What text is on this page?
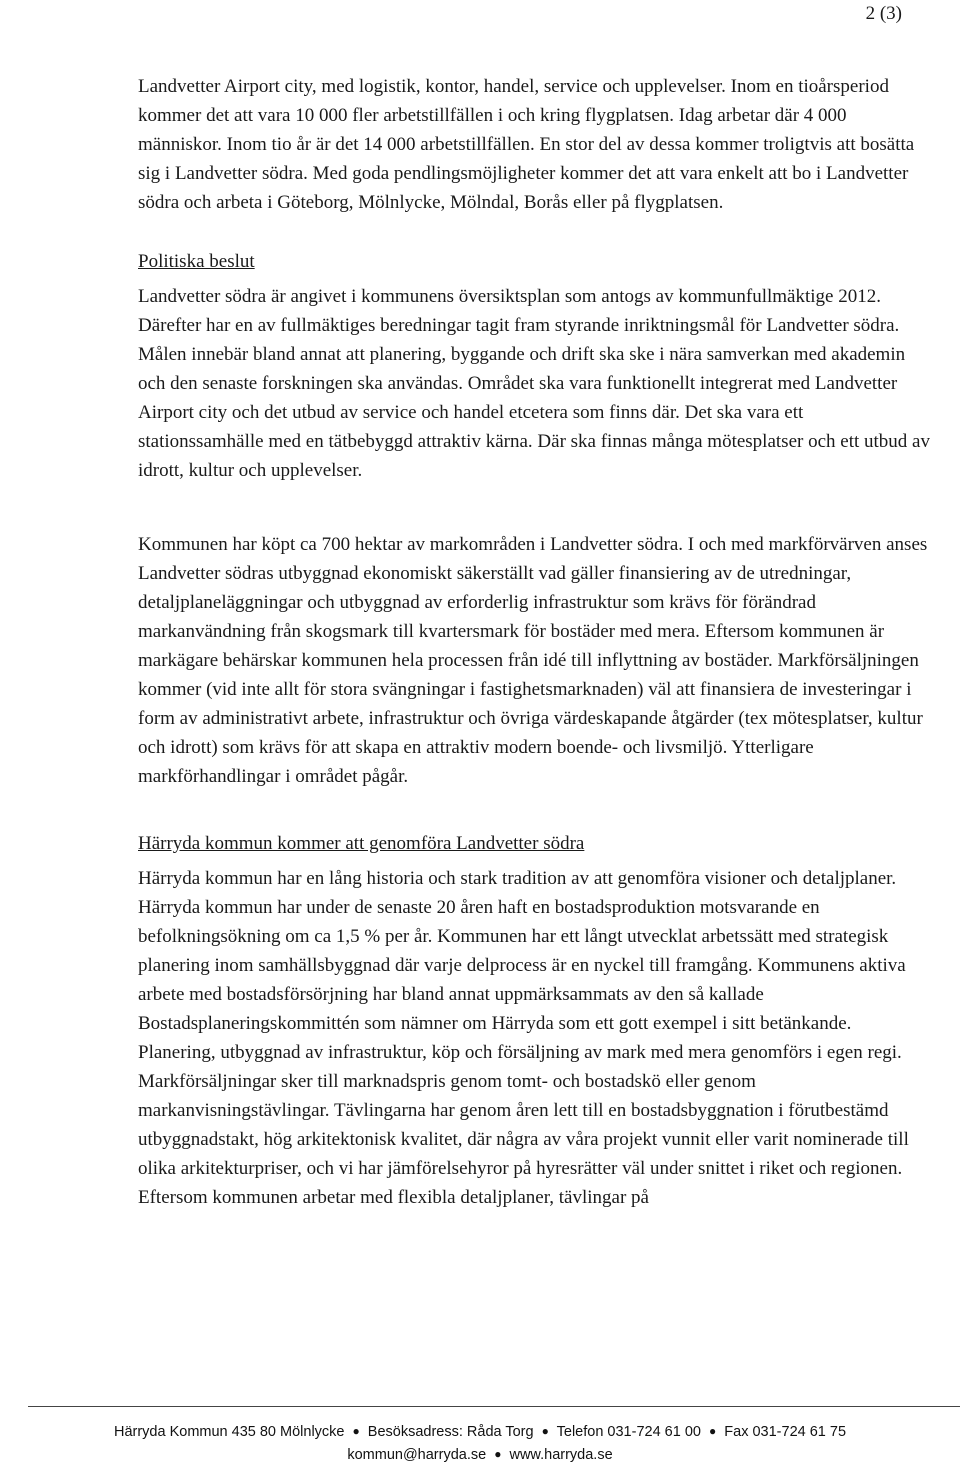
2 (3)

Landvetter Airport city, med logistik, kontor, handel, service och upplevelser. Inom en tioårsperiod kommer det att vara 10 000 fler arbetstillfällen i och kring flygplatsen. Idag arbetar där 4 000 människor. Inom tio år är det 14 000 arbetstillfällen. En stor del av dessa kommer troligtvis att bosätta sig i Landvetter södra. Med goda pendlingsmöjligheter kommer det att vara enkelt att bo i Landvetter södra och arbeta i Göteborg, Mölnlycke, Mölndal, Borås eller på flygplatsen.

Politiska beslut

Landvetter södra är angivet i kommunens översiktsplan som antogs av kommunfullmäktige 2012. Därefter har en av fullmäktiges beredningar tagit fram styrande inriktningsmål för Landvetter södra. Målen innebär bland annat att planering, byggande och drift ska ske i nära samverkan med akademin och den senaste forskningen ska användas. Området ska vara funktionellt integrerat med Landvetter Airport city och det utbud av service och handel etcetera som finns där. Det ska vara ett stationssamhälle med en tätbebyggd attraktiv kärna. Där ska finnas många mötesplatser och ett utbud av idrott, kultur och upplevelser.

Kommunen har köpt ca 700 hektar av markområden i Landvetter södra. I och med markförvärven anses Landvetter södras utbyggnad ekonomiskt säkerställt vad gäller finansiering av de utredningar, detaljplaneläggningar och utbyggnad av erforderlig infrastruktur som krävs för förändrad markanvändning från skogsmark till kvartersmark för bostäder med mera. Eftersom kommunen är markägare behärskar kommunen hela processen från idé till inflyttning av bostäder. Markförsäljningen kommer (vid inte allt för stora svängningar i fastighetsmarknaden) väl att finansiera de investeringar i form av administrativt arbete, infrastruktur och övriga värdeskapande åtgärder (tex mötesplatser, kultur och idrott) som krävs för att skapa en attraktiv modern boende- och livsmiljö. Ytterligare markförhandlingar i området pågår.

Härryda kommun kommer att genomföra Landvetter södra

Härryda kommun har en lång historia och stark tradition av att genomföra visioner och detaljplaner. Härryda kommun har under de senaste 20 åren haft en bostadsproduktion motsvarande en befolkningsökning om ca 1,5 % per år. Kommunen har ett långt utvecklat arbetssätt med strategisk planering inom samhällsbyggnad där varje delprocess är en nyckel till framgång. Kommunens aktiva arbete med bostadsförsörjning har bland annat uppmärksammats av den så kallade Bostadsplaneringskommittén som nämner om Härryda som ett gott exempel i sitt betänkande. Planering, utbyggnad av infrastruktur, köp och försäljning av mark med mera genomförs i egen regi. Markförsäljningar sker till marknadspris genom tomt- och bostadskö eller genom markanvisningstävlingar. Tävlingarna har genom åren lett till en bostadsbyggnation i förutbestämd utbyggnadstakt, hög arkitektonisk kvalitet, där några av våra projekt vunnit eller varit nominerade till olika arkitekturpriser, och vi har jämförelsehyror på hyresrätter väl under snittet i riket och regionen. Eftersom kommunen arbetar med flexibla detaljplaner, tävlingar på

Härryda Kommun 435 80 Mölnlycke ● Besöksadress: Råda Torg ● Telefon 031-724 61 00 ● Fax 031-724 61 75
kommun@harryda.se ● www.harryda.se
